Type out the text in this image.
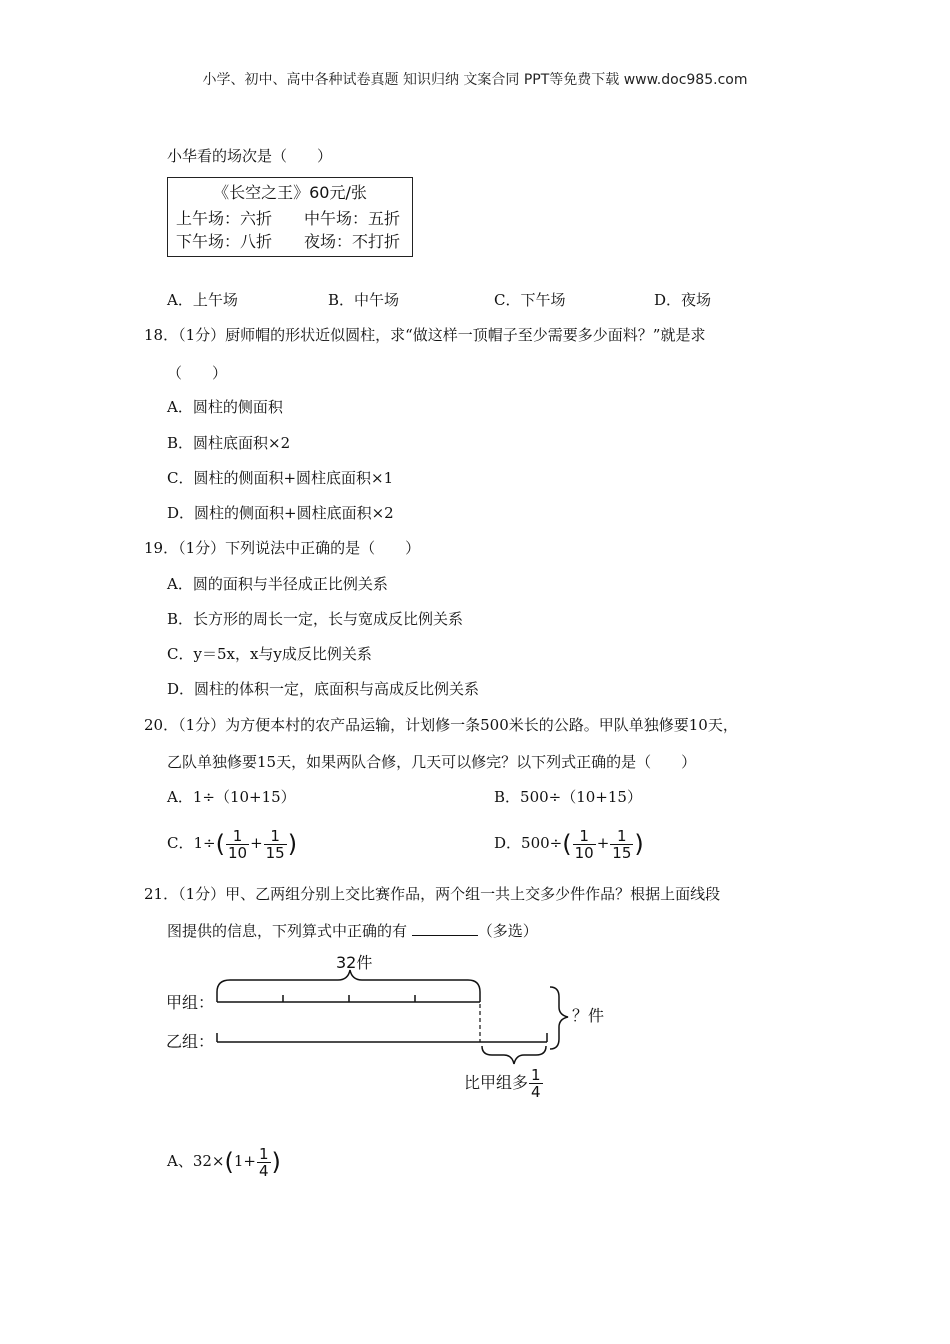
小学、初中、高中各种试卷真题 知识归纳 文案合同 PPT等免费下载 www.doc985.com
小华看的场次是（　　）
《长空之王》60元/张
上午场：六折 中午场：五折
下午场：八折 夜场：不打折
A．上午场	B．中午场	C．下午场	D．夜场
18．（1分）厨师帽的形状近似圆柱，求“做这样一顶帽子至少需要多少面料？”就是求
（　　）
A．圆柱的侧面积
B．圆柱底面积×2
C．圆柱的侧面积+圆柱底面积×1
D．圆柱的侧面积+圆柱底面积×2
19．（1分）下列说法中正确的是（　　）
A．圆的面积与半径成正比例关系
B．长方形的周长一定，长与宽成反比例关系
C．y＝5x，x与y成反比例关系
D．圆柱的体积一定，底面积与高成反比例关系
20．（1分）为方便本村的农产品运输，计划修一条500米长的公路。甲队单独修要10天，
乙队单独修要15天，如果两队合修，几天可以修完？以下列式正确的是（　　）
A．1÷（10+15）	B．500÷（10+15）
C．$1\div( \frac{1}{10} + \frac{1}{15}$ )	D．$500\div( \frac{1}{10} + \frac{1}{15}$ )
21．（1分）甲、乙两组分别上交比赛作品，两个组一共上交多少件作品？根据上面线段
图提供的信息，下列算式中正确的有	（多选）
32件
甲组：
乙组：
？件
比甲组多 $\frac{1}{4}$
A、$32\times(1+ \frac{1}{4}$ )
